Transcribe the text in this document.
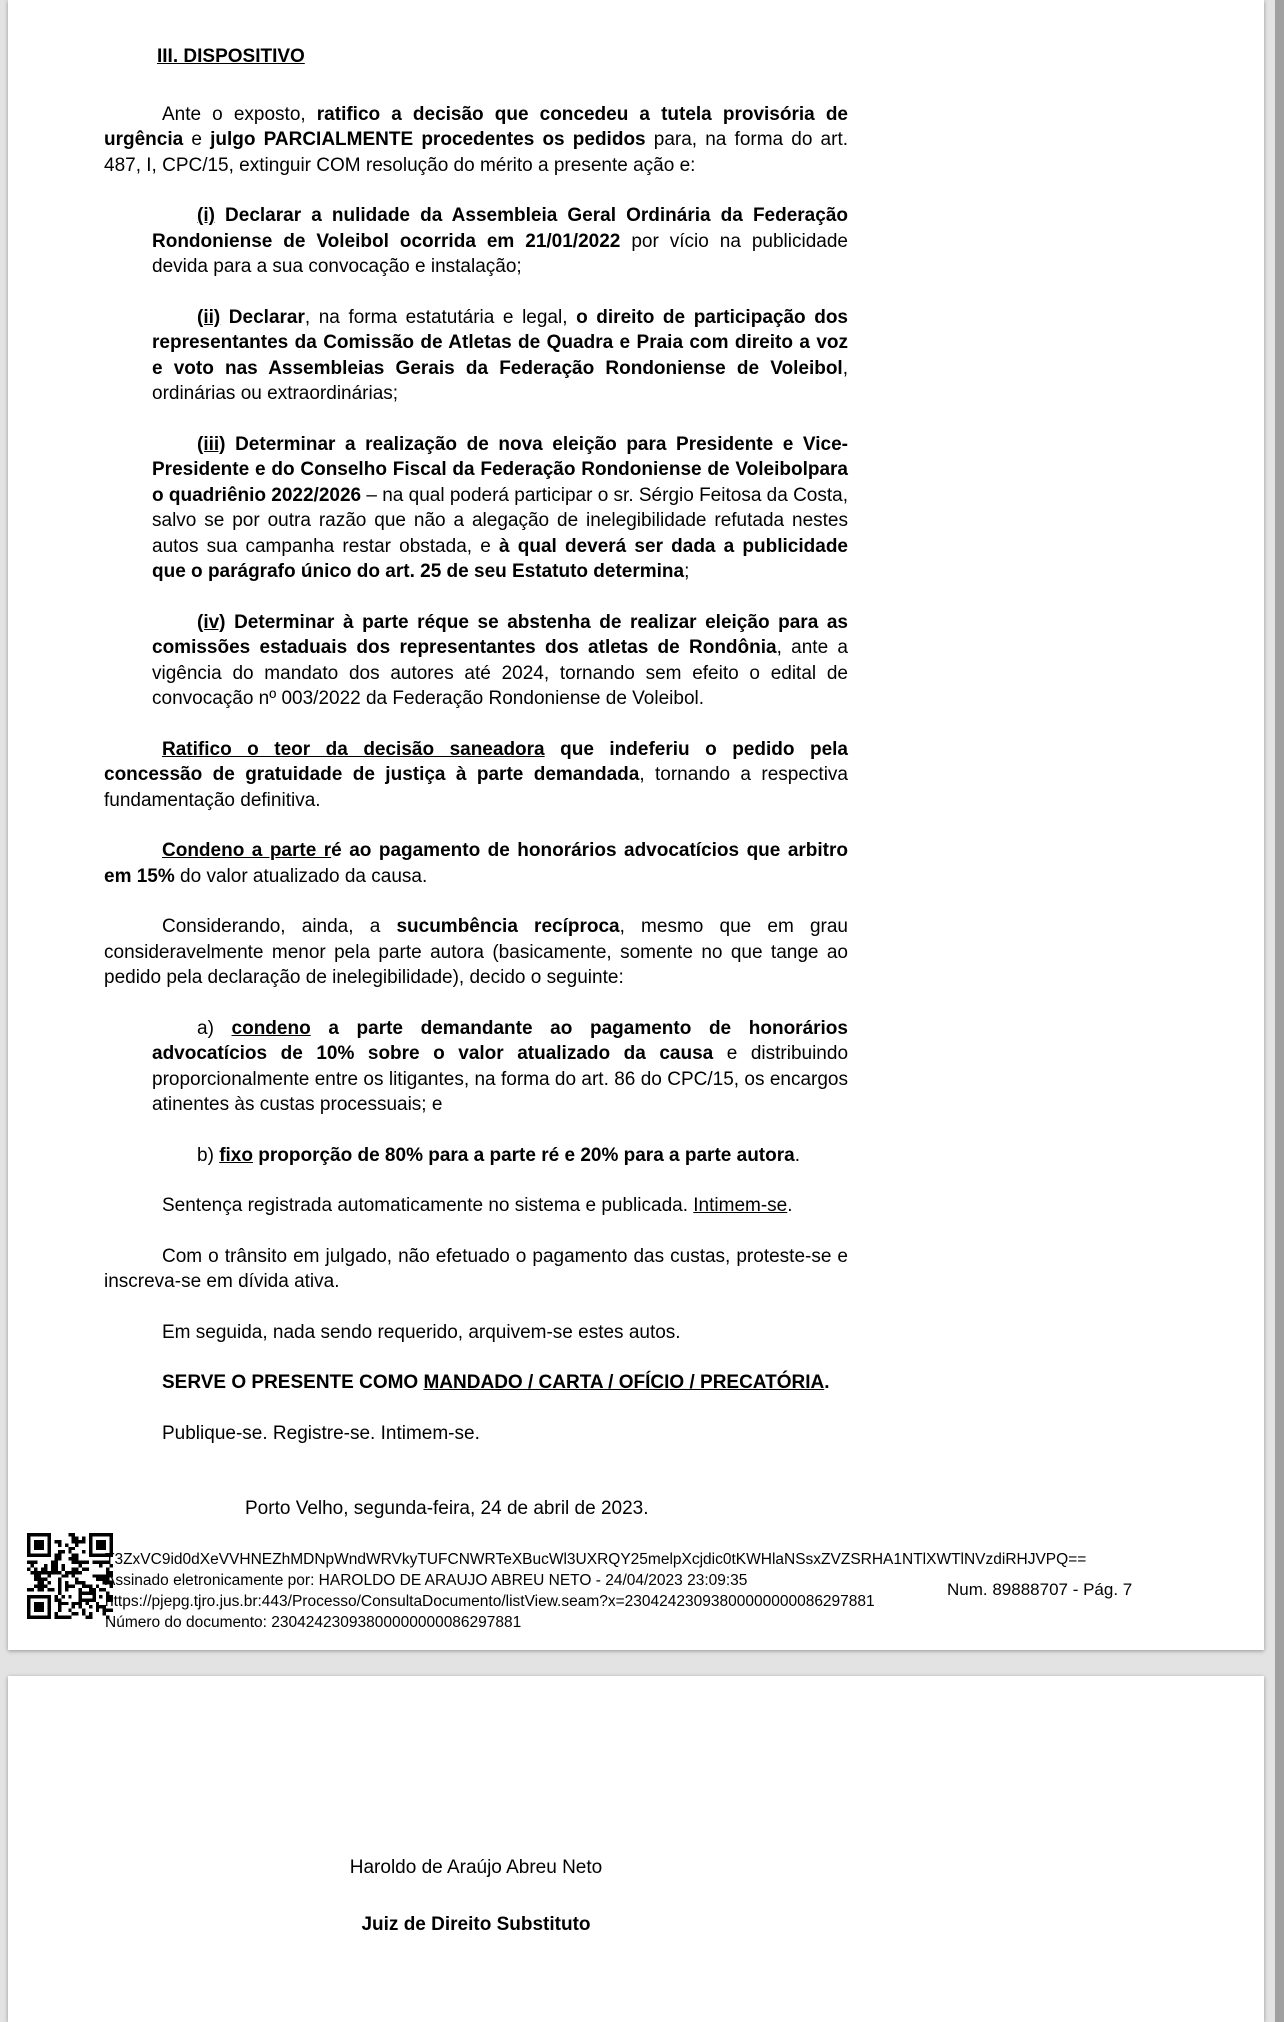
III. DISPOSITIVO

Ante o exposto, ratifico a decisão que concedeu a tutela provisória de urgência e julgo PARCIALMENTE procedentes os pedidos para, na forma do art. 487, I, CPC/15, extinguir COM resolução do mérito a presente ação e:

(i) Declarar a nulidade da Assembleia Geral Ordinária da Federação Rondoniense de Voleibol ocorrida em 21/01/2022 por vício na publicidade devida para a sua convocação e instalação;

(ii) Declarar, na forma estatutária e legal, o direito de participação dos representantes da Comissão de Atletas de Quadra e Praia com direito a voz e voto nas Assembleias Gerais da Federação Rondoniense de Voleibol, ordinárias ou extraordinárias;

(iii) Determinar a realização de nova eleição para Presidente e Vice-Presidente e do Conselho Fiscal da Federação Rondoniense de Voleibolpara o quadriênio 2022/2026 – na qual poderá participar o sr. Sérgio Feitosa da Costa, salvo se por outra razão que não a alegação de inelegibilidade refutada nestes autos sua campanha restar obstada, e à qual deverá ser dada a publicidade que o parágrafo único do art. 25 de seu Estatuto determina;

(iv) Determinar à parte réque se abstenha de realizar eleição para as comissões estaduais dos representantes dos atletas de Rondônia, ante a vigência do mandato dos autores até 2024, tornando sem efeito o edital de convocação nº 003/2022 da Federação Rondoniense de Voleibol.

Ratifico o teor da decisão saneadora que indeferiu o pedido pela concessão de gratuidade de justiça à parte demandada, tornando a respectiva fundamentação definitiva.

Condeno a parte ré ao pagamento de honorários advocatícios que arbitro em 15% do valor atualizado da causa.

Considerando, ainda, a sucumbência recíproca, mesmo que em grau consideravelmente menor pela parte autora (basicamente, somente no que tange ao pedido pela declaração de inelegibilidade), decido o seguinte:

a) condeno a parte demandante ao pagamento de honorários advocatícios de 10% sobre o valor atualizado da causa e distribuindo proporcionalmente entre os litigantes, na forma do art. 86 do CPC/15, os encargos atinentes às custas processuais; e

b) fixo proporção de 80% para a parte ré e 20% para a parte autora.

Sentença registrada automaticamente no sistema e publicada. Intimem-se.

Com o trânsito em julgado, não efetuado o pagamento das custas, proteste-se e inscreva-se em dívida ativa.

Em seguida, nada sendo requerido, arquivem-se estes autos.

SERVE O PRESENTE COMO MANDADO / CARTA / OFÍCIO / PRECATÓRIA.

Publique-se. Registre-se. Intimem-se.

Porto Velho, segunda-feira, 24 de abril de 2023.

T3ZxVC9id0dXeVVHNEZhMDNpWndWRVkyTUFCNWRTeXBucWl3UXRQY25melpXcjdic0tKWHlaNSsxZVZSRHA1NTlXWTlNVzdiRHJVPQ==
Assinado eletronicamente por: HAROLDO DE ARAUJO ABREU NETO - 24/04/2023 23:09:35
https://pjepg.tjro.jus.br:443/Processo/ConsultaDocumento/listView.seam?x=23042423093800000000086297881
Número do documento: 23042423093800000000086297881
Num. 89888707 - Pág. 7
Haroldo de Araújo Abreu Neto
Juiz de Direito Substituto
